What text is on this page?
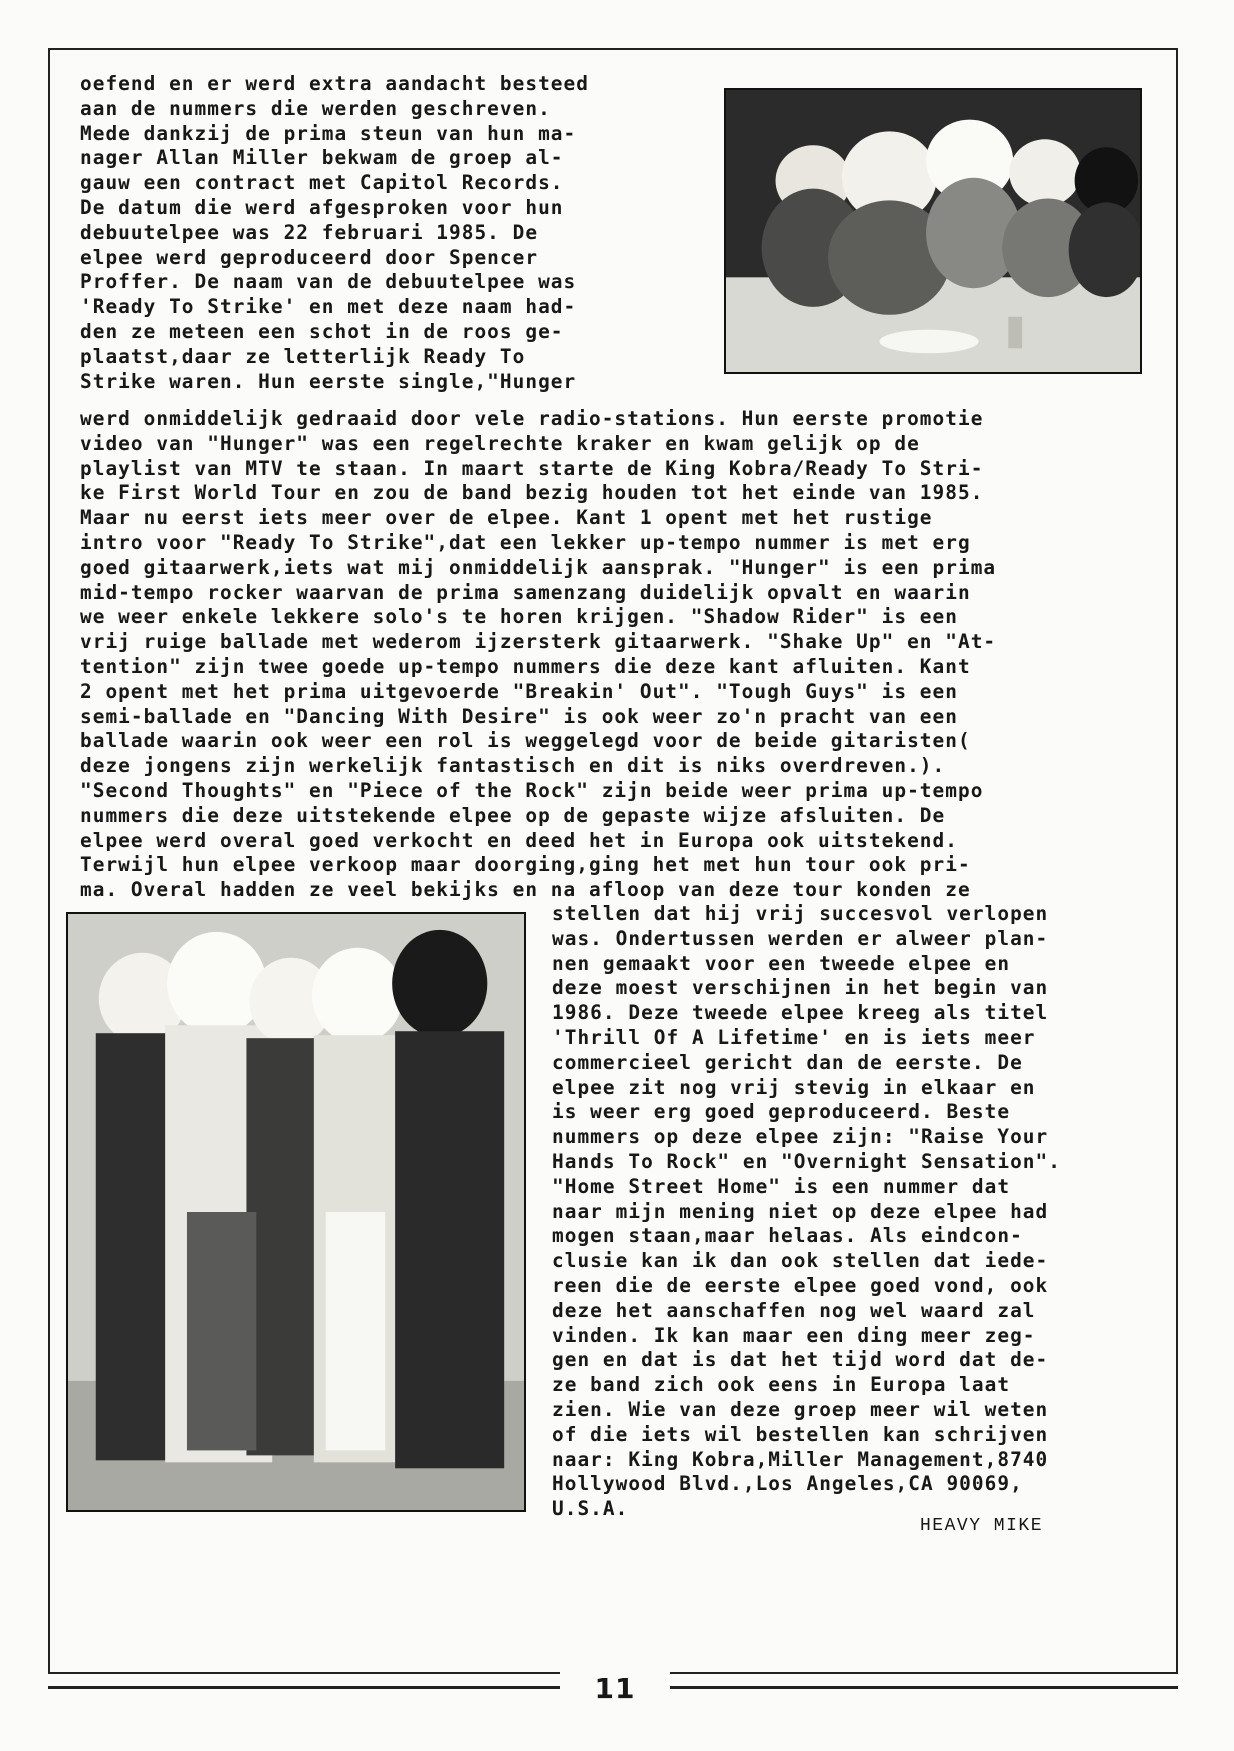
oefend en er werd extra aandacht besteed
aan de nummers die werden geschreven.
Mede dankzij de prima steun van hun ma-
nager Allan Miller bekwam de groep al-
gauw een contract met Capitol Records.
De datum die werd afgesproken voor hun
debuutelpee was 22 februari 1985. De
elpee werd geproduceerd door Spencer
Proffer. De naam van de debuutelpee was
'Ready To Strike' en met deze naam had-
den ze meteen een schot in de roos ge-
plaatst,daar ze letterlijk Ready To
Strike waren. Hun eerste single,"Hunger
werd onmiddelijk gedraaid door vele radio-stations. Hun eerste promotie
video van "Hunger" was een regelrechte kraker en kwam gelijk op de
playlist van MTV te staan. In maart starte de King Kobra/Ready To Stri-
ke First World Tour en zou de band bezig houden tot het einde van 1985.
Maar nu eerst iets meer over de elpee. Kant 1 opent met het rustige
intro voor "Ready To Strike",dat een lekker up-tempo nummer is met erg
goed gitaarwerk,iets wat mij onmiddelijk aansprak. "Hunger" is een prima
mid-tempo rocker waarvan de prima samenzang duidelijk opvalt en waarin
we weer enkele lekkere solo's te horen krijgen. "Shadow Rider" is een
vrij ruige ballade met wederom ijzersterk gitaarwerk. "Shake Up" en "At-
tention" zijn twee goede up-tempo nummers die deze kant afluiten. Kant
2 opent met het prima uitgevoerde "Breakin' Out". "Tough Guys" is een
semi-ballade en "Dancing With Desire" is ook weer zo'n pracht van een
ballade waarin ook weer een rol is weggelegd voor de beide gitaristen(
deze jongens zijn werkelijk fantastisch en dit is niks overdreven.).
"Second Thoughts" en "Piece of the Rock" zijn beide weer prima up-tempo
nummers die deze uitstekende elpee op de gepaste wijze afsluiten. De
elpee werd overal goed verkocht en deed het in Europa ook uitstekend.
Terwijl hun elpee verkoop maar doorging,ging het met hun tour ook pri-
ma. Overal hadden ze veel bekijks en na afloop van deze tour konden ze
stellen dat hij vrij succesvol verlopen
was. Ondertussen werden er alweer plan-
nen gemaakt voor een tweede elpee en
deze moest verschijnen in het begin van
1986. Deze tweede elpee kreeg als titel
'Thrill Of A Lifetime' en is iets meer
commercieel gericht dan de eerste. De
elpee zit nog vrij stevig in elkaar en
is weer erg goed geproduceerd. Beste
nummers op deze elpee zijn: "Raise Your
Hands To Rock" en "Overnight Sensation".
"Home Street Home" is een nummer dat
naar mijn mening niet op deze elpee had
mogen staan,maar helaas. Als eindcon-
clusie kan ik dan ook stellen dat iede-
reen die de eerste elpee goed vond, ook
deze het aanschaffen nog wel waard zal
vinden. Ik kan maar een ding meer zeg-
gen en dat is dat het tijd word dat de-
ze band zich ook eens in Europa laat
zien. Wie van deze groep meer wil weten
of die iets wil bestellen kan schrijven
naar: King Kobra,Miller Management,8740
Hollywood Blvd.,Los Angeles,CA 90069,
U.S.A.
HEAVY MIKE
11
